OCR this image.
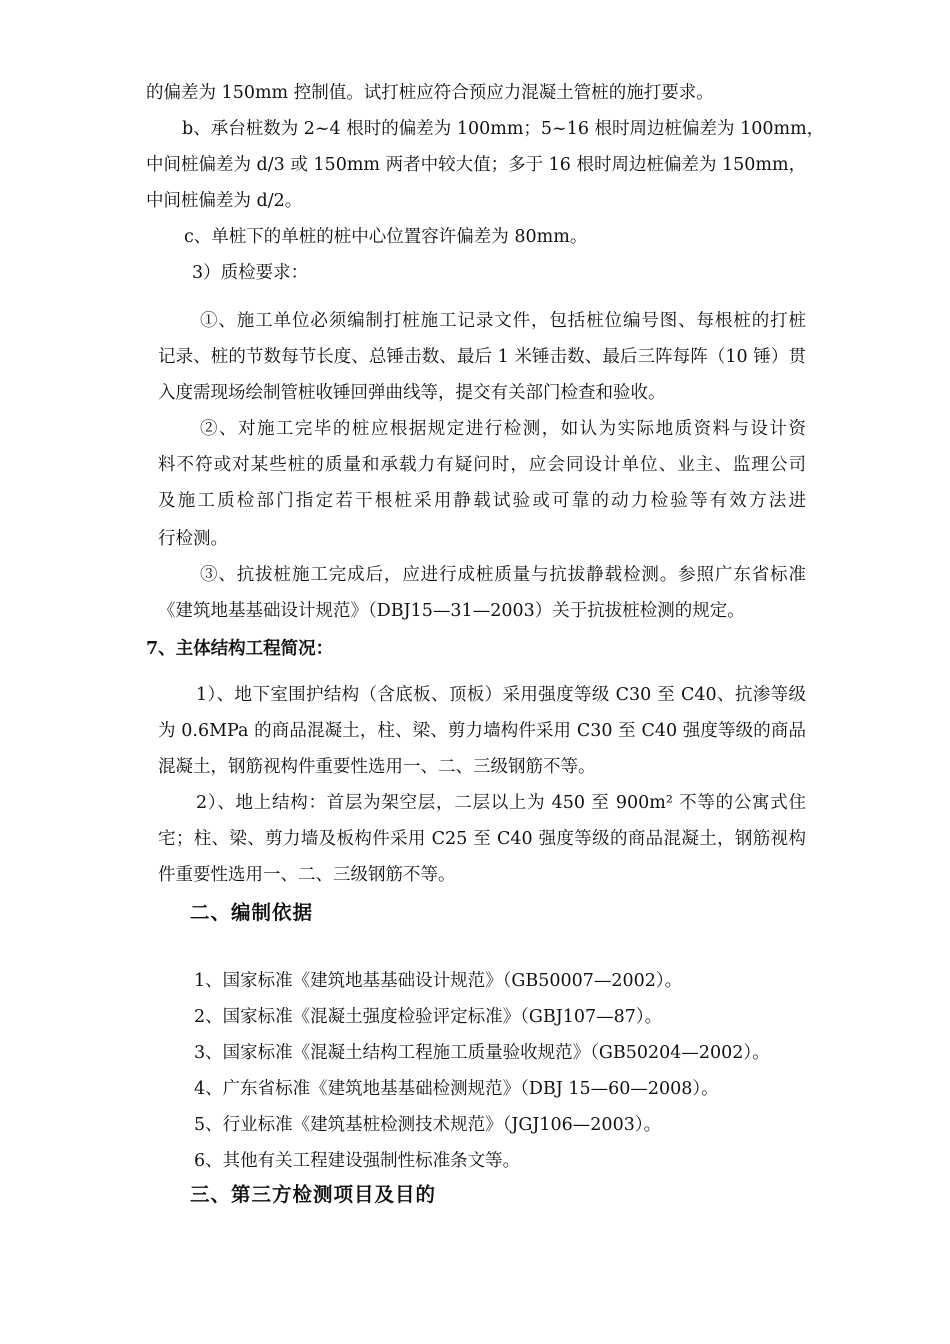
的偏差为 150mm 控制值。试打桩应符合预应力混凝土管桩的施打要求。
b、承台桩数为 2~4 根时的偏差为 100mm；5~16 根时周边桩偏差为 100mm，
中间桩偏差为 d/3 或 150mm 两者中较大值；多于 16 根时周边桩偏差为 150mm，
中间桩偏差为 d/2。
c、单桩下的单桩的桩中心位置容许偏差为 80mm。
3）质检要求：
①、施工单位必须编制打桩施工记录文件，包括桩位编号图、每根桩的打桩
记录、桩的节数每节长度、总锤击数、最后 1 米锤击数、最后三阵每阵（10 锤）贯
入度需现场绘制管桩收锤回弹曲线等，提交有关部门检查和验收。
②、对施工完毕的桩应根据规定进行检测，如认为实际地质资料与设计资
料不符或对某些桩的质量和承载力有疑问时，应会同设计单位、业主、监理公司
及施工质检部门指定若干根桩采用静载试验或可靠的动力检验等有效方法进
行检测。
③、抗拔桩施工完成后，应进行成桩质量与抗拔静载检测。参照广东省标准
《建筑地基基础设计规范》（DBJ15—31—2003）关于抗拔桩检测的规定。
7、主体结构工程简况：
1）、地下室围护结构（含底板、顶板）采用强度等级 C30 至 C40、抗渗等级
为 0.6MPa 的商品混凝土，柱、梁、剪力墙构件采用 C30 至 C40 强度等级的商品
混凝土，钢筋视构件重要性选用一、二、三级钢筋不等。
2）、地上结构：首层为架空层，二层以上为 450 至 900m² 不等的公寓式住
宅；柱、梁、剪力墙及板构件采用 C25 至 C40 强度等级的商品混凝土，钢筋视构
件重要性选用一、二、三级钢筋不等。
二、编制依据
1、国家标准《建筑地基基础设计规范》（GB50007—2002）。
2、国家标准《混凝土强度检验评定标准》（GBJ107—87）。
3、国家标准《混凝土结构工程施工质量验收规范》（GB50204—2002）。
4、广东省标准《建筑地基基础检测规范》（DBJ 15—60—2008）。
5、行业标准《建筑基桩检测技术规范》（JGJ106—2003）。
6、其他有关工程建设强制性标准条文等。
三、第三方检测项目及目的
